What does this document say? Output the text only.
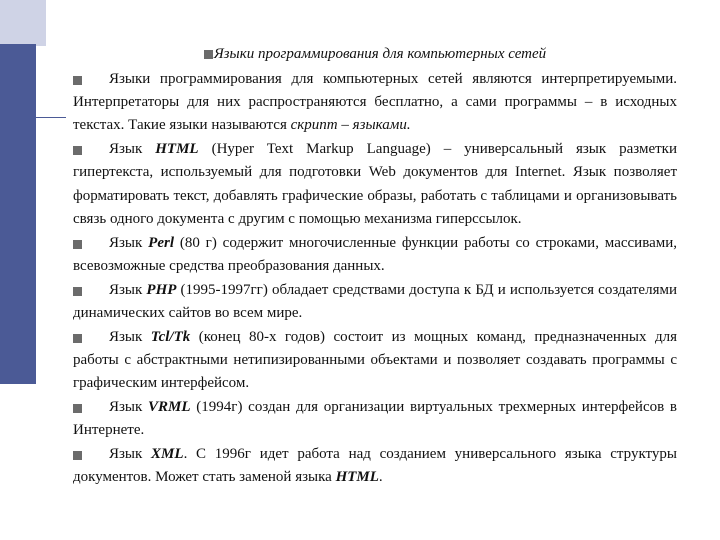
Языки программирования для компьютерных сетей
Языки программирования для компьютерных сетей являются интерпретируемыми. Интерпретаторы для них распространяются бесплатно, а сами программы – в исходных текстах. Такие языки называются скрипт – языками.
Язык HTML (Hyper Text Markup Language) – универсальный язык разметки гипертекста, используемый для подготовки Web документов для Internet. Язык позволяет форматировать текст, добавлять графические образы, работать с таблицами и организовывать связь одного документа с другим с помощью механизма гиперссылок.
Язык Perl (80 г) содержит многочисленные функции работы со строками, массивами, всевозможные средства преобразования данных.
Язык PHP (1995-1997гг) обладает средствами доступа к БД и используется создателями динамических сайтов во всем мире.
Язык Tcl/Tk (конец 80-х годов) состоит из мощных команд, предназначенных для работы с абстрактными нетипизированными объектами и позволяет создавать программы с графическим интерфейсом.
Язык VRML (1994г) создан для организации виртуальных трехмерных интерфейсов в Интернете.
Язык XML. С 1996г идет работа над созданием универсального языка структуры документов. Может стать заменой языка HTML.
